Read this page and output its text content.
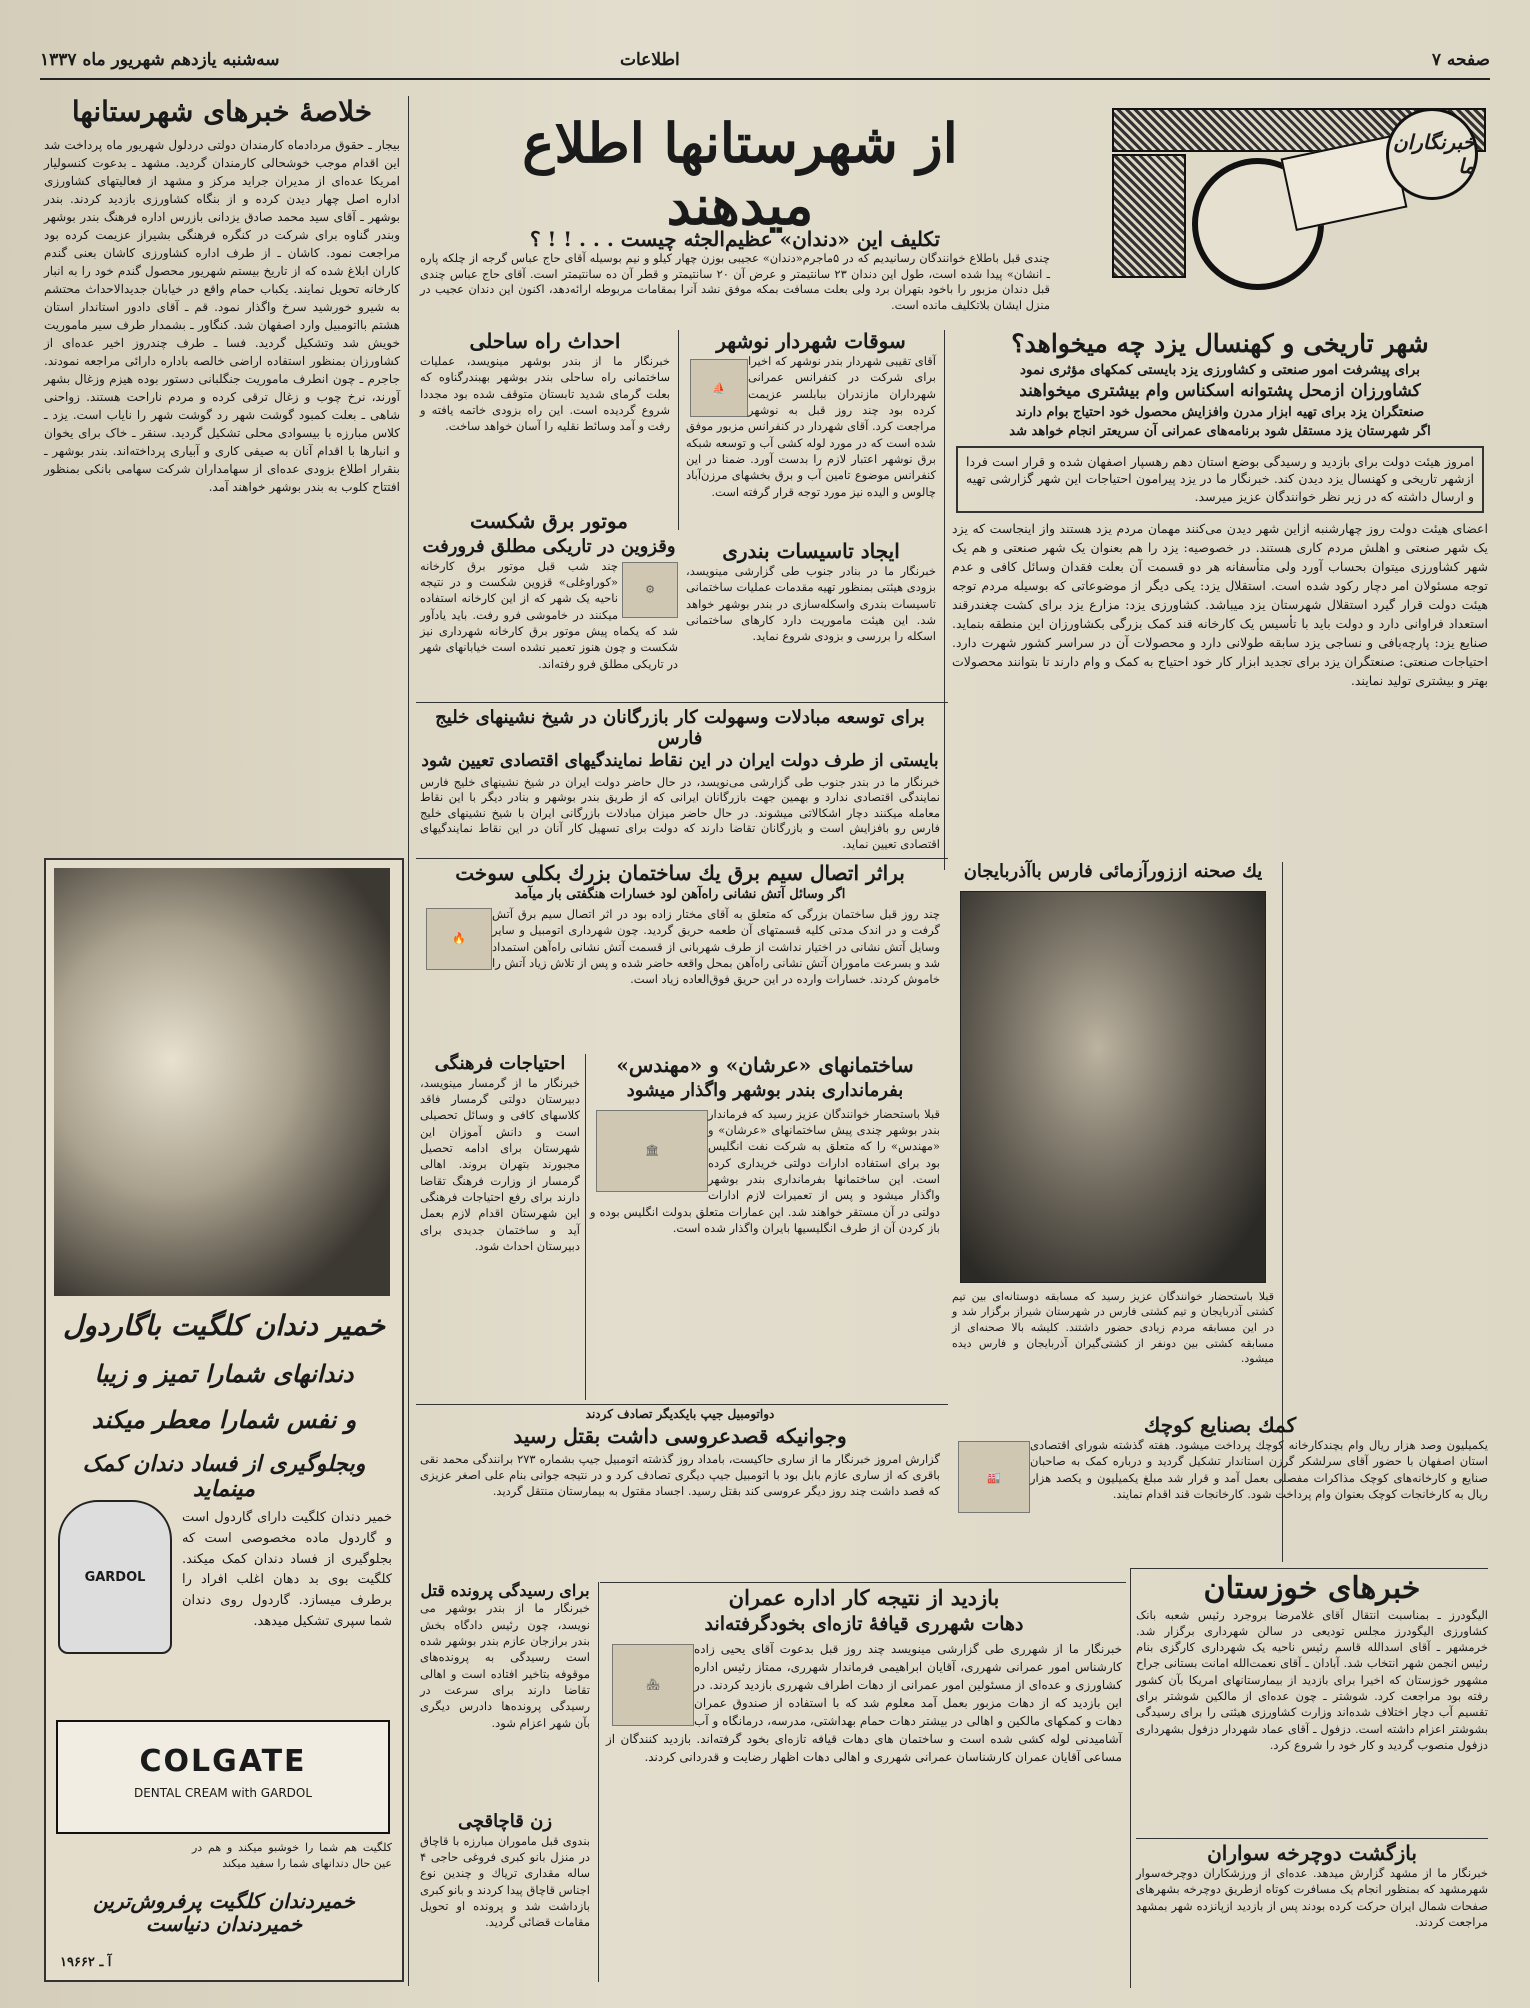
صفحه ۷
اطلاعات
سه‌شنبه یازدهم شهریور ماه ۱۳۳۷
خبرنگاران ما
از شهرستانها اطلاع میدهند
تکلیف این «دندان» عظیم‌الجثه چیست . . . ! ! ؟
چندی قبل باطلاع خوانندگان رسانیدیم که در ۵ماجرم«دندان» عجیبی بوزن چهار کیلو و نیم بوسیله آقای حاج عباس گرجه از چلکه پاره ـ انشان» پیدا شده است، طول این دندان ۲۳ سانتیمتر و عرض آن ۲۰ سانتیمتر و قطر آن ده سانتیمتر است. آقای حاج عباس چندی قبل دندان مزبور را باخود بتهران برد ولی بعلت مسافت بمکه موفق نشد آنرا بمقامات مربوطه ارائه‌دهد، اکنون این دندان عجیب در منزل ایشان بلاتکلیف مانده است.
خلاصهٔ خبرهای شهرستانها
بیجار ـ حقوق مردادماه کارمندان دولتی دردلول شهریور ماه پرداخت شد این اقدام موجب خوشحالی کارمندان گردید. مشهد ـ بدعوت کنسولیار امریکا عده‌ای از مدیران جراید مرکز و مشهد از فعالیتهای کشاورزی اداره اصل چهار دیدن کرده و از بنگاه کشاورزی بازدید کردند. بندر بوشهر ـ آقای سید محمد صادق یزدانی بازرس اداره فرهنگ بندر بوشهر وبندر گناوه برای شرکت در کنگره فرهنگی بشیراز عزیمت کرده بود مراجعت نمود. کاشان ـ از طرف اداره کشاورزی کاشان بعنی گندم کاران ابلاغ شده که از تاریخ بیستم شهریور محصول گندم خود را به انبار کارخانه تحویل نمایند. یکباب حمام واقع در خیابان جدیدالاحداث محتشم به شیرو خورشید سرخ واگذار نمود. قم ـ آقای دادور استاندار استان هشتم بااتومبیل وارد اصفهان شد. کنگاور ـ بشمدار طرف سیر ماموریت خویش شد وتشکیل گردید. فسا ـ طرف چندروز اخیر عده‌ای از کشاورزان بمنظور استفاده اراضی خالصه باداره دارائی مراجعه نمودند. جاجرم ـ چون انطرف ماموریت جنگلبانی دستور بوده هیزم وزغال بشهر آورند، نرخ چوب و زغال ترقی کرده و مردم ناراحت هستند. زواحنی شاهی ـ بعلت کمبود گوشت شهر رد گوشت شهر را نایاب است. یزد ـ کلاس مبارزه با بیسوادی محلی تشکیل گردید. سنقر ـ خاک برای یخوان و انبارها با اقدام آنان به صیفی کاری و آبیاری پرداخته‌اند. بندر بوشهر ـ بنقرار اطلاع بزودی عده‌ای از سهامداران شرکت سهامی بانکی بمنظور افتتاح کلوب به بندر بوشهر خواهند آمد.
خمیر دندان کلگیت باگاردول
دندانهای شمارا تمیز و زیبا
و نفس شمارا معطر میکند
وبجلوگیری از فساد دندان کمک مینماید
خمیر دندان کلگیت دارای گاردول است و گاردول ماده مخصوصی است که بجلوگیری از فساد دندان کمک میکند. کلگیت بوی بد دهان اغلب افراد را برطرف میسازد. گاردول روی دندان شما سپری تشکیل میدهد.
GARDOL
COLGATE
DENTAL CREAM with GARDOL
کلگیت هم شما را خوشبو میکند و هم در عین حال دندانهای شما را سفید میکند
خمیردندان کلگیت پرفروش‌ترین خمیردندان دنیاست
آ ـ ۱۹۶۶۲
شهر تاریخی و کهنسال یزد چه میخواهد؟
برای پیشرفت امور صنعتی و کشاورزی یزد بایستی کمکهای مؤثری نمود
کشاورزان ازمحل پشتوانه اسکناس وام بیشتری میخواهند
صنعتگران یزد برای تهیه ابزار مدرن وافزایش محصول خود احتیاج بوام دارند
اگر شهرستان یزد مستقل شود برنامه‌های عمرانی آن سریعتر انجام خواهد شد
امروز هیئت دولت برای بازدید و رسیدگی بوضع استان دهم رهسپار اصفهان شده و قرار است فردا ازشهر تاریخی و کهنسال یزد دیدن کند. خبرنگار ما در یزد پیرامون احتیاجات این شهر گزارشی تهیه و ارسال داشته که در زیر نظر خوانندگان عزیز میرسد.
اعضای هیئت دولت روز چهارشنبه ازاین شهر دیدن می‌کنند مهمان مردم یزد هستند واز اینجاست که یزد یک شهر صنعتی و اهلش مردم کاری هستند. در خصوصیه: یزد را هم بعنوان یک شهر صنعتی و هم یک شهر کشاورزی میتوان بحساب آورد ولی متأسفانه هر دو قسمت آن بعلت فقدان وسائل کافی و عدم توجه مسئولان امر دچار رکود شده است. استقلال یزد: یکی دیگر از موضوعاتی که بوسیله مردم توجه هیئت دولت قرار گیرد استقلال شهرستان یزد میباشد. کشاورزی یزد: مزارع یزد برای کشت چغندرقند استعداد فراوانی دارد و دولت باید با تأسیس یک کارخانه قند کمک بزرگی بکشاورزان این منطقه بنماید. صنایع یزد: پارچه‌بافی و نساجی یزد سابقه طولانی دارد و محصولات آن در سراسر کشور شهرت دارد. احتیاجات صنعتی: صنعتگران یزد برای تجدید ابزار کار خود احتیاج به کمک و وام دارند تا بتوانند محصولات بهتر و بیشتری تولید نمایند.
سوقات شهردار نوشهر
⛵
آقای تقیبی شهردار بندر نوشهر که اخیرا برای شرکت در کنفرانس عمرانی شهرداران مازندران ببابلسر عزیمت کرده بود چند روز قبل به نوشهر مراجعت کرد. آقای شهردار در کنفرانس مزبور موفق شده است که در مورد لوله کشی آب و توسعه شبکه برق نوشهر اعتبار لازم را بدست آورد. ضمنا در این کنفرانس موضوع تامین آب و برق بخشهای مرزن‌آباد چالوس و الیده نیز مورد توجه قرار گرفته است.
احداث راه ساحلی
خبرنگار ما از بندر بوشهر مینویسد، عملیات ساختمانی راه ساحلی بندر بوشهر بهبندرگناوه که بعلت گرمای شدید تابستان متوقف شده بود مجددا شروع گردیده است. این راه بزودی خاتمه یافته و رفت و آمد وسائط نقلیه را آسان خواهد ساخت.
ایجاد تاسیسات بندری
خبرنگار ما در بنادر جنوب طی گزارشی مینویسد، بزودی هیئتی بمنظور تهیه مقدمات عملیات ساختمانی تاسیسات بندری واسکله‌سازی در بندر بوشهر خواهد شد. این هیئت ماموریت دارد کارهای ساختمانی اسکله را بررسی و بزودی شروع نماید.
موتور برق شکست
وقزوین در تاریکی مطلق فرورفت
⚙
چند شب قبل موتور برق کارخانه «کوراوغلی» قزوین شکست و در نتیجه ناحیه یک شهر که از این کارخانه استفاده میکنند در خاموشی فرو رفت. باید یادآور شد که یکماه پیش موتور برق کارخانه شهرداری نیز شکست و چون هنوز تعمیر نشده است خیابانهای شهر در تاریکی مطلق فرو رفته‌اند.
برای توسعه مبادلات وسهولت کار بازرگانان در شیخ نشینهای خلیج فارس
بایستی از طرف دولت ایران در این نقاط نمایندگیهای اقتصادی تعیین شود
خبرنگار ما در بندر جنوب طی گزارشی می‌نویسد، در حال حاضر دولت ایران در شیخ نشینهای خلیج فارس نمایندگی اقتصادی ندارد و بهمین جهت بازرگانان ایرانی که از طریق بندر بوشهر و بنادر دیگر با این نقاط معامله میکنند دچار اشکالاتی میشوند. در حال حاضر میزان مبادلات بازرگانی ایران با شیخ نشینهای خلیج فارس رو بافزایش است و بازرگانان تقاضا دارند که دولت برای تسهیل کار آنان در این نقاط نمایندگیهای اقتصادی تعیین نماید.
براثر اتصال سیم برق یك ساختمان بزرك بكلی سوخت
اگر وسائل آتش نشانی راه‌آهن لود خسارات هنگفتی بار میآمد
🔥
چند روز قبل ساختمان بزرگی که متعلق به آقای مختار زاده بود در اثر اتصال سیم برق آتش گرفت و در اندک مدتی کلیه قسمتهای آن طعمه حریق گردید. چون شهرداری اتومبیل و سایر وسایل آتش نشانی در اختیار نداشت از طرف شهربانی از قسمت آتش نشانی راه‌آهن استمداد شد و بسرعت ماموران آتش نشانی راه‌آهن بمحل واقعه حاضر شده و پس از تلاش زیاد آتش را خاموش کردند. خسارات وارده در این حریق فوق‌العاده زیاد است.
یك صحنه اززورآزمائی فارس باآذربایجان
قبلا باستحضار خوانندگان عزیز رسید که مسابقه دوستانه‌ای بین تیم کشتی آذربایجان و تیم کشتی فارس در شهرستان شیراز برگزار شد و در این مسابقه مردم زیادی حضور داشتند. کلیشه بالا صحنه‌ای از مسابقه کشتی بین دونفر از کشتی‌گیران آذربایجان و فارس دیده میشود.
ساختمانهای «عرشان» و «مهندس»
بفرمانداری بندر بوشهر واگذار میشود
🏛
قبلا باستحضار خوانندگان عزیز رسید که فرماندار بندر بوشهر چندی پیش ساختمانهای «عرشان» و «مهندس» را که متعلق به شرکت نفت انگلیس بود برای استفاده ادارات دولتی خریداری کرده است. این ساختمانها بفرمانداری بندر بوشهر واگذار میشود و پس از تعمیرات لازم ادارات دولتی در آن مستقر خواهند شد. این عمارات متعلق بدولت انگلیس بوده و باز کردن آن از طرف انگلیسیها بایران واگذار شده است.
احتیاجات فرهنگی
خبرنگار ما از گرمسار مینویسد، دبیرستان دولتی گرمسار فاقد کلاسهای کافی و وسائل تحصیلی است و دانش آموزان این شهرستان برای ادامه تحصیل مجبورند بتهران بروند. اهالی گرمسار از وزارت فرهنگ تقاضا دارند برای رفع احتیاجات فرهنگی این شهرستان اقدام لازم بعمل آید و ساختمان جدیدی برای دبیرستان احداث شود.
دواتومبیل جیپ بایکدیگر تصادف کردند
وجوانیکه قصدعروسی داشت بقتل رسید
گزارش امروز خبرنگار ما از ساری حاکیست، بامداد روز گذشته اتومبیل جیپ بشماره ۲۷۳ برانندگی محمد نقی باقری که از ساری عازم بابل بود با اتومبیل جیپ دیگری تصادف کرد و در نتیجه جوانی بنام علی اصغر عزیزی که قصد داشت چند روز دیگر عروسی کند بقتل رسید. اجساد مقتول به بیمارستان منتقل گردید.
کمك بصنایع کوچك
🏭
یکمیلیون وصد هزار ریال وام بچندکارخانه کوچك پرداخت میشود. هفته گذشته شورای اقتصادی استان اصفهان با حضور آقای سرلشکر گرزن استاندار تشکیل گردید و درباره کمک به صاحبان صنایع و کارخانه‌های کوچک مذاکرات مفصلی بعمل آمد و قرار شد مبلغ یکمیلیون و یکصد هزار ریال به کارخانجات کوچک بعنوان وام پرداخت شود. کارخانجات قند اقدام نمایند.
خبرهای خوزستان
الیگودرز ـ بمناسبت انتقال آقای غلامرضا بروجرد رئیس شعبه بانک کشاورزی الیگودرز مجلس تودیعی در سالن شهرداری برگزار شد. خرمشهر ـ آقای اسدالله قاسم رئیس ناحیه یک شهرداری کارگزی بنام رئیس انجمن شهر انتخاب شد. آبادان ـ آقای نعمت‌الله امانت بستانی جراح مشهور خوزستان که اخیرا برای بازدید از بیمارستانهای امریکا بآن کشور رفته بود مراجعت کرد. شوشتر ـ چون عده‌ای از مالکین شوشتر برای تقسیم آب دچار اختلاف شده‌اند وزارت کشاورزی هیئتی را برای رسیدگی بشوشتر اعزام داشته است. دزفول ـ آقای عماد شهردار دزفول بشهرداری دزفول منصوب گردید و کار خود را شروع کرد.
بازگشت دوچرخه سواران
خبرنگار ما از مشهد گزارش میدهد. عده‌ای از ورزشکاران دوچرخه‌سوار شهرمشهد که بمنظور انجام یک مسافرت کوتاه ازطریق دوچرخه بشهرهای صفحات شمال ایران حرکت کرده بودند پس از بازدید ازپانزده شهر بمشهد مراجعت کردند.
بازدید از نتیجه کار اداره عمران
دهات شهرری قیافهٔ تازه‌ای بخودگرفته‌اند
🏘
خبرنگار ما از شهرری طی گزارشی مینویسد چند روز قبل بدعوت آقای یحیی زاده کارشناس امور عمرانی شهرری، آقایان ابراهیمی فرماندار شهرری، ممتاز رئیس اداره کشاورزی و عده‌ای از مسئولین امور عمرانی از دهات اطراف شهرری بازدید کردند. در این بازدید که از دهات مزبور بعمل آمد معلوم شد که با استفاده از صندوق عمران دهات و کمکهای مالکین و اهالی در بیشتر دهات حمام بهداشتی، مدرسه، درمانگاه و آب آشامیدنی لوله کشی شده است و ساختمان های دهات قیافه تازه‌ای بخود گرفته‌اند. بازدید کنندگان از مساعی آقایان عمران کارشناسان عمرانی شهرری و اهالی دهات اظهار رضایت و قدردانی کردند.
برای رسیدگی پرونده قتل
خبرنگار ما از بندر بوشهر می نویسد، چون رئیس دادگاه بخش بندر برازجان عازم بندر بوشهر شده است رسیدگی به پرونده‌های موقوفه بتاخیر افتاده است و اهالی تقاضا دارند برای سرعت در رسیدگی پرونده‌ها دادرس دیگری بآن شهر اعزام شود.
زن قاچاقچی
بندوی قبل ماموران مبارزه با قاچاق در منزل بانو کبری فروغی حاجی ۴ ساله مقداری تریاك و چندین نوع اجناس قاچاق پیدا کردند و بانو کبری بازداشت شد و پرونده او تحویل مقامات قضائی گردید.
